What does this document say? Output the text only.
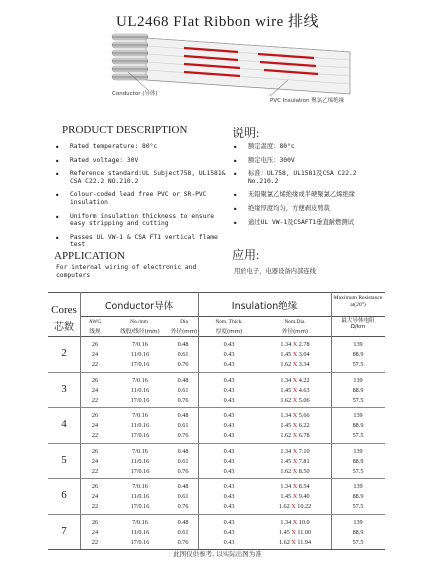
UL2468 FIat Ribbon wire 排线
Conductor (导体)
PVC Insulation 聚氯乙烯绝缘
PRODUCT DESCRIPTION	说明:
● Rated temperature: 80°c
● Rated voltage: 30V
● Reference standard:UL Subject758, UL1581& CSA C22.2 NO.210.2
● Colour-coded lead free PVC or SR-PVC insulation
● Uniform insulation thickness to ensure easy stripping and cutting
● Passes UL VW-1 & CSA FT1 vertical flame test
● 额定温度：80°c
● 额定电压：300V
● 标准：UL758, UL1581及CSA C22.2 No.210.2
● 无铅聚氯乙烯绝缘或半硬聚氯乙烯绝缘
● 绝缘厚度均匀，方便剥皮剪裁
● 通过UL VW-1及CSAFT1垂直耐燃测试
APPLICATION	应用:
For internal wiring of electronic and computers
用於电子，电器设备内部连线
Cores
芯数
Conductor导体	Insulation绝缘
Maximum Resistance at(20°)
最大导体电阻
Ω/km
AWG
线规
No./mm
线股/线径(mm)
Dia
外径(mm)
Nom. Thick.
厚度(mm)
Nom.Dia.
外径(mm)
2
26	7/0.16	0.48	0.43	1.34 X 2.78	139
24	11/0.16	0.61	0.43	1.45 X 3.04	88.9
22	17/0.16	0.76	0.43	1.62 X 3.34	57.5
3
26	7/0.16	0.48	0.43	1.34 X 4.22	139
24	11/0.16	0.61	0.43	1.45 X 4.63	88.9
22	17/0.16	0.76	0.43	1.62 X 5.06	57.5
4
26	7/0.16	0.48	0.43	1.34 X 5.66	139
24	11/0.16	0.61	0.43	1.45 X 6.22	88.9
22	17/0.16	0.76	0.43	1.62 X 6.78	57.5
5
26	7/0.16	0.48	0.43	1.34 X 7.10	139
24	11/0.16	0.61	0.43	1.45 X 7.81	88.9
22	17/0.16	0.76	0.43	1.62 X 8.50	57.5
6
26	7/0.16	0.48	0.43	1.34 X 8.54	139
24	11/0.16	0.61	0.43	1.45 X 9.40	88.9
22	17/0.16	0.76	0.43	1.62 X 10.22	57.5
7
26	7/0.16	0.48	0.43	1.34 X 10.0	139
24	11/0.16	0.61	0.43	1.45 X 11.00	88.9
22	17/0.16	0.76	0.43	1.62 X 11.94	57.5
此图仅供参考, 以实际出图为准
